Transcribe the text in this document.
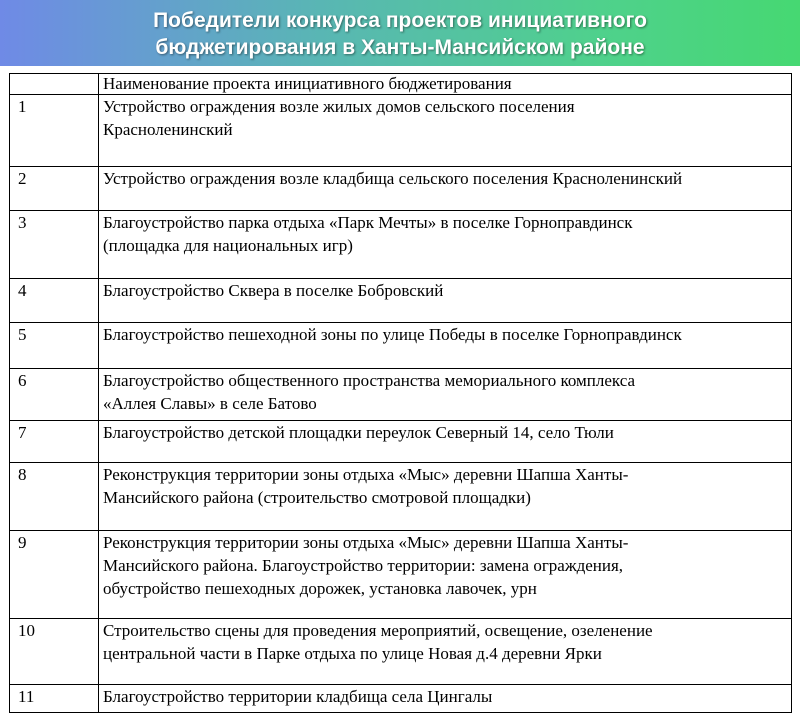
Победители конкурса проектов инициативного
бюджетирования в Ханты-Мансийском районе
	Наименование проекта инициативного бюджетирования
1	Устройство ограждения возле жилых домов сельского поселения
Красноленинский

2	Устройство ограждения возле кладбища сельского поселения Красноленинский

3	Благоустройство парка отдыха «Парк Мечты» в поселке Горноправдинск
(площадка для национальных игр)

4	Благоустройство Сквера в поселке Бобровский

5	Благоустройство пешеходной зоны по улице Победы в поселке Горноправдинск

6	Благоустройство общественного пространства мемориального комплекса
«Аллея Славы» в селе Батово

7	Благоустройство детской площадки переулок Северный 14, село Тюли

8	Реконструкция территории зоны отдыха «Мыс» деревни Шапша Ханты-
Мансийского района (строительство смотровой площадки)

9	Реконструкция территории зоны отдыха «Мыс» деревни Шапша Ханты-
Мансийского района. Благоустройство территории: замена ограждения,
обустройство пешеходных дорожек, установка лавочек, урн

10	Строительство сцены для проведения мероприятий, освещение, озеленение
центральной части в Парке отдыха по улице Новая д.4 деревни Ярки

11	Благоустройство территории кладбища села Цингалы
